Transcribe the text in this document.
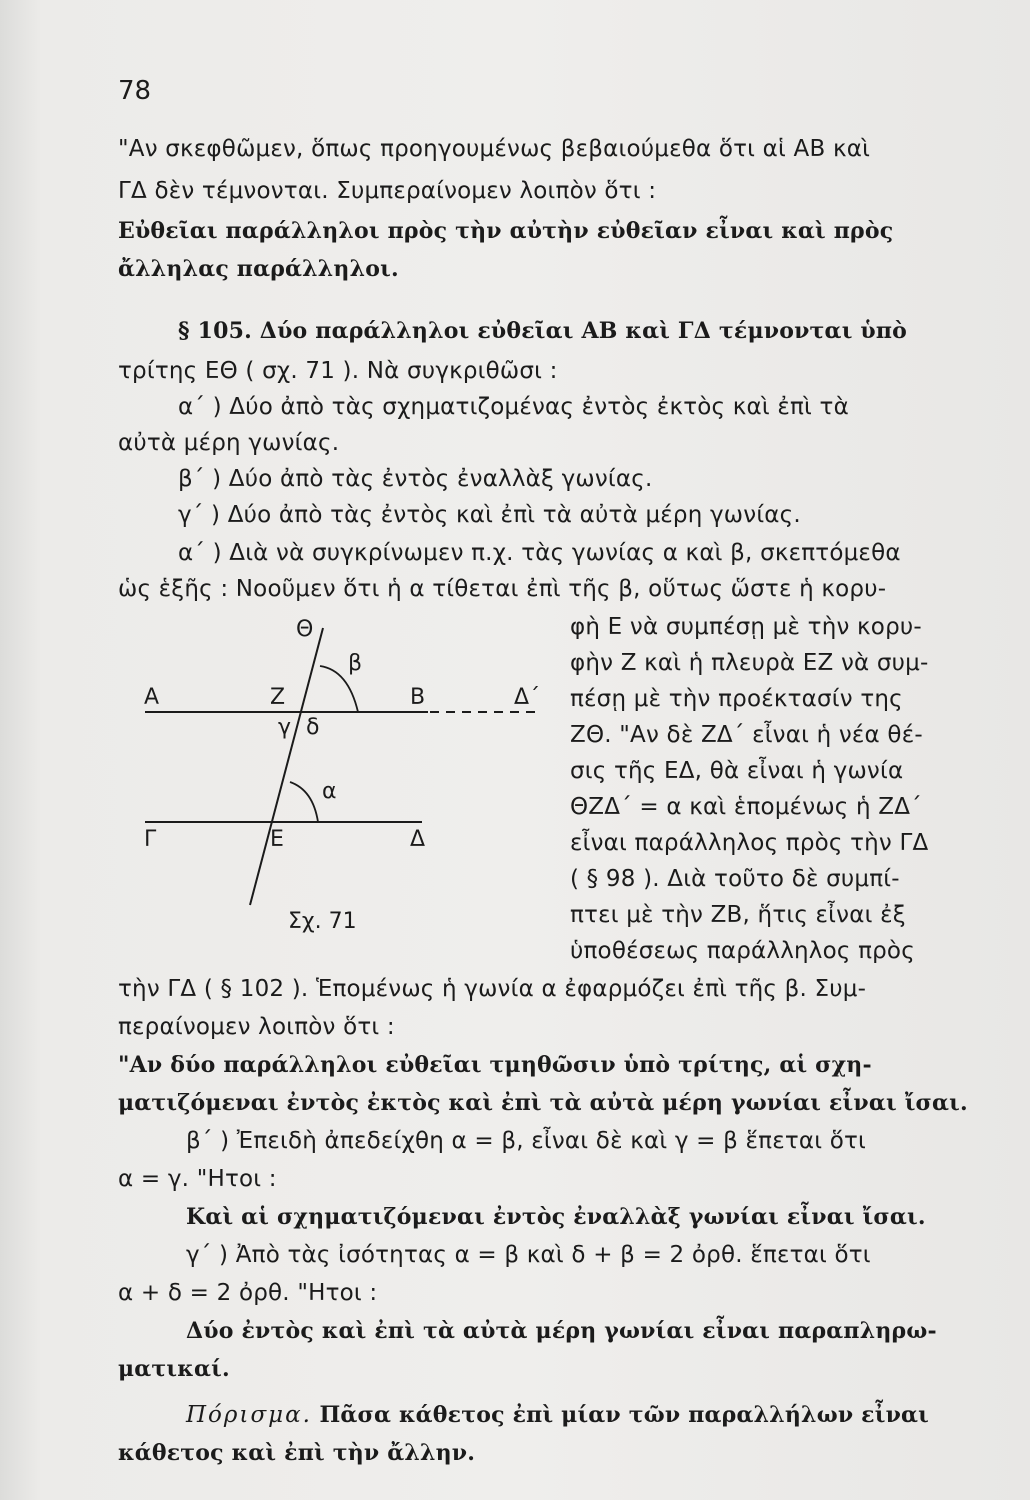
78
"Αν σκεφθῶμεν, ὅπως προηγουμένως βεβαιούμεθα ὅτι αἱ ΑΒ καὶ
ΓΔ δὲν τέμνονται. Συμπεραίνομεν λοιπὸν ὅτι :
Εὐθεῖαι παράλληλοι πρὸς τὴν αὐτὴν εὐθεῖαν εἶναι καὶ πρὸς
ἄλληλας παράλληλοι.
§ 105. Δύο παράλληλοι εὐθεῖαι ΑΒ καὶ ΓΔ τέμνονται ὑπὸ
τρίτης ΕΘ ( σχ. 71 ). Νὰ συγκριθῶσι :
α΄ ) Δύο ἀπὸ τὰς σχηματιζομένας ἐντὸς ἐκτὸς καὶ ἐπὶ τὰ
αὐτὰ μέρη γωνίας.
β΄ ) Δύο ἀπὸ τὰς ἐντὸς ἐναλλὰξ γωνίας.
γ΄ ) Δύο ἀπὸ τὰς ἐντὸς καὶ ἐπὶ τὰ αὐτὰ μέρη γωνίας.
α΄ ) Διὰ νὰ συγκρίνωμεν π.χ. τὰς γωνίας α καὶ β, σκεπτόμεθα
ὡς ἑξῆς : Νοοῦμεν ὅτι ἡ α τίθεται ἐπὶ τῆς β, οὕτως ὥστε ἡ κορυ-
φὴ Ε νὰ συμπέσῃ μὲ τὴν κορυ-
φὴν Ζ καὶ ἡ πλευρὰ ΕΖ νὰ συμ-
πέσῃ μὲ τὴν προέκτασίν της
ΖΘ. "Αν δὲ ΖΔ΄ εἶναι ἡ νέα θέ-
σις τῆς ΕΔ, θὰ εἶναι ἡ γωνία
ΘΖΔ΄ = α καὶ ἑπομένως ἡ ΖΔ΄
εἶναι παράλληλος πρὸς τὴν ΓΔ
( § 98 ). Διὰ τοῦτο δὲ συμπί-
πτει μὲ τὴν ΖΒ, ἥτις εἶναι ἐξ
ὑποθέσεως παράλληλος πρὸς
Θ
β
Α	Ζ	Β	Δ΄
γ δ
α
Γ	Ε	Δ
Σχ. 71
τὴν ΓΔ ( § 102 ). Ἑπομένως ἡ γωνία α ἐφαρμόζει ἐπὶ τῆς β. Συμ-
περαίνομεν λοιπὸν ὅτι :
"Αν δύο παράλληλοι εὐθεῖαι τμηθῶσιν ὑπὸ τρίτης, αἱ σχη-
ματιζόμεναι ἐντὸς ἐκτὸς καὶ ἐπὶ τὰ αὐτὰ μέρη γωνίαι εἶναι ἴσαι.
β΄ ) Ἐπειδὴ ἀπεδείχθη α = β, εἶναι δὲ καὶ γ = β ἕπεται ὅτι
α = γ. "Ητοι :
Καὶ αἱ σχηματιζόμεναι ἐντὸς ἐναλλὰξ γωνίαι εἶναι ἴσαι.
γ΄ ) Ἀπὸ τὰς ἰσότητας α = β καὶ δ + β = 2 ὀρθ. ἕπεται ὅτι
α + δ = 2 ὀρθ. "Ητοι :
Δύο ἐντὸς καὶ ἐπὶ τὰ αὐτὰ μέρη γωνίαι εἶναι παραπληρω-
ματικαί.
Πόρισμα. Πᾶσα κάθετος ἐπὶ μίαν τῶν παραλλήλων εἶναι
κάθετος καὶ ἐπὶ τὴν ἄλλην.
